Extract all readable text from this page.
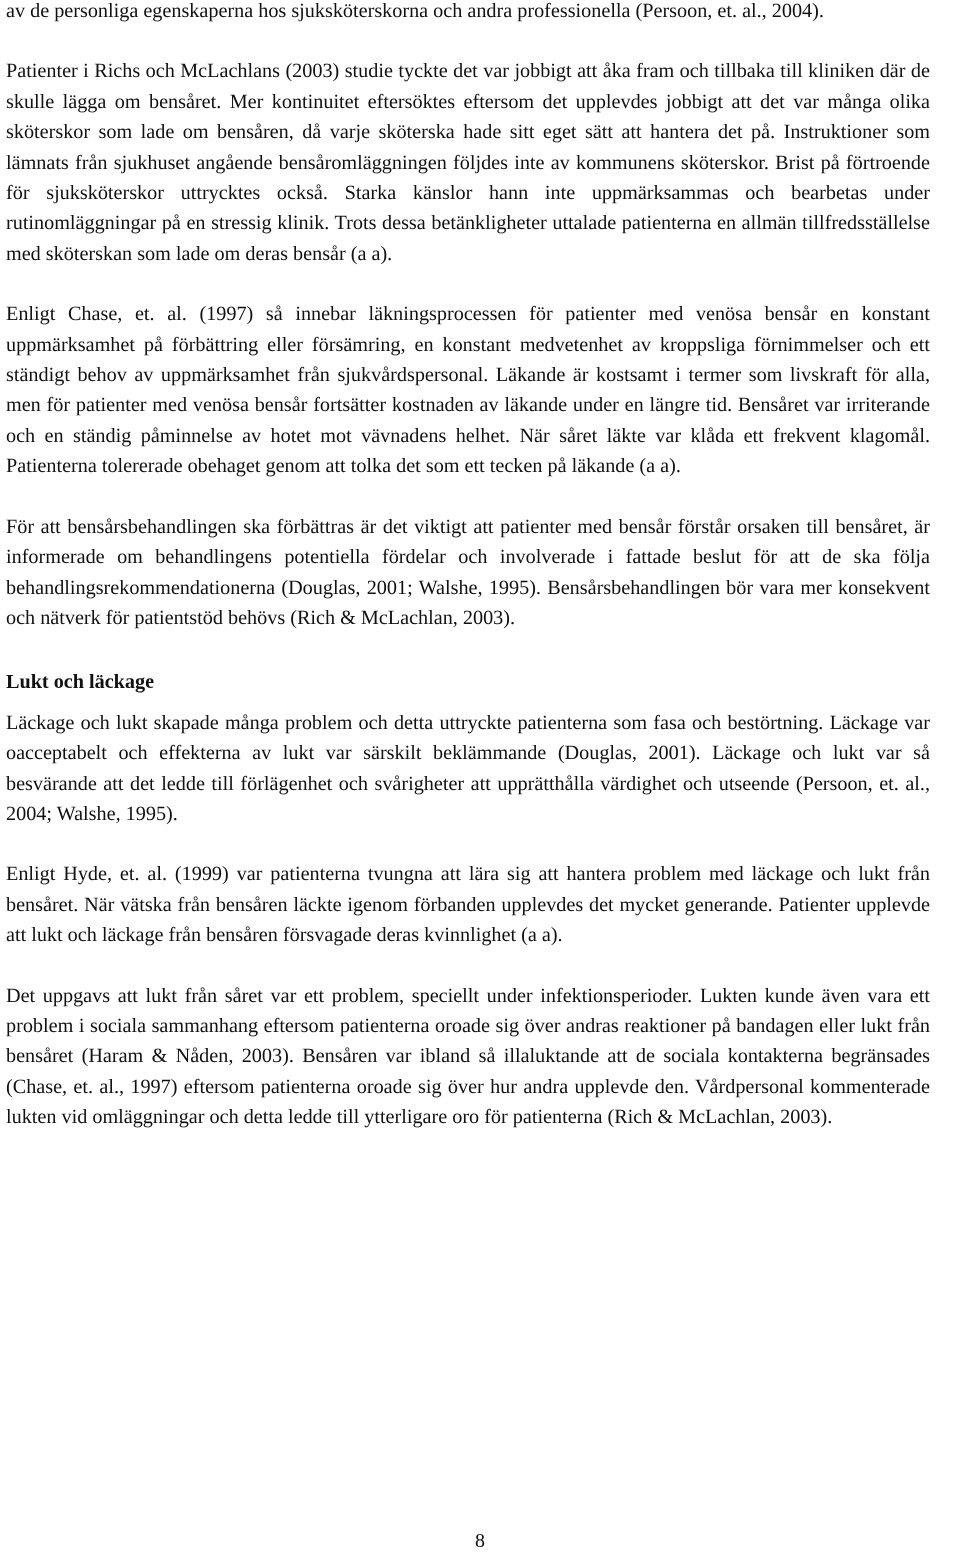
av de personliga egenskaperna hos sjuksköterskorna och andra professionella (Persoon, et. al., 2004).

Patienter i Richs och McLachlans (2003) studie tyckte det var jobbigt att åka fram och tillbaka till kliniken där de skulle lägga om bensåret. Mer kontinuitet eftersöktes eftersom det upplevdes jobbigt att det var många olika sköterskor som lade om bensåren, då varje sköterska hade sitt eget sätt att hantera det på. Instruktioner som lämnats från sjukhuset angående bensåromläggningen följdes inte av kommunens sköterskor. Brist på förtroende för sjuksköterskor uttrycktes också. Starka känslor hann inte uppmärksammas och bearbetas under rutinomläggningar på en stressig klinik. Trots dessa betänkligheter uttalade patienterna en allmän tillfredsställelse med sköterskan som lade om deras bensår (a a).

Enligt Chase, et. al. (1997) så innebar läkningsprocessen för patienter med venösa bensår en konstant uppmärksamhet på förbättring eller försämring, en konstant medvetenhet av kroppsliga förnimmelser och ett ständigt behov av uppmärksamhet från sjukvårdspersonal. Läkande är kostsamt i termer som livskraft för alla, men för patienter med venösa bensår fortsätter kostnaden av läkande under en längre tid. Bensåret var irriterande och en ständig påminnelse av hotet mot vävnadens helhet. När såret läkte var klåda ett frekvent klagomål. Patienterna tolererade obehaget genom att tolka det som ett tecken på läkande (a a).

För att bensårsbehandlingen ska förbättras är det viktigt att patienter med bensår förstår orsaken till bensåret, är informerade om behandlingens potentiella fördelar och involverade i fattade beslut för att de ska följa behandlingsrekommendationerna (Douglas, 2001; Walshe, 1995). Bensårsbehandlingen bör vara mer konsekvent och nätverk för patientstöd behövs (Rich & McLachlan, 2003).

Lukt och läckage

Läckage och lukt skapade många problem och detta uttryckte patienterna som fasa och bestörtning. Läckage var oacceptabelt och effekterna av lukt var särskilt beklämmande (Douglas, 2001). Läckage och lukt var så besvärande att det ledde till förlägenhet och svårigheter att upprätthålla värdighet och utseende (Persoon, et. al., 2004; Walshe, 1995).

Enligt Hyde, et. al. (1999) var patienterna tvungna att lära sig att hantera problem med läckage och lukt från bensåret. När vätska från bensåren läckte igenom förbanden upplevdes det mycket generande. Patienter upplevde att lukt och läckage från bensåren försvagade deras kvinnlighet (a a).

Det uppgavs att lukt från såret var ett problem, speciellt under infektionsperioder. Lukten kunde även vara ett problem i sociala sammanhang eftersom patienterna oroade sig över andras reaktioner på bandagen eller lukt från bensåret (Haram & Nåden, 2003). Bensåren var ibland så illaluktande att de sociala kontakterna begränsades (Chase, et. al., 1997) eftersom patienterna oroade sig över hur andra upplevde den. Vårdpersonal kommenterade lukten vid omläggningar och detta ledde till ytterligare oro för patienterna (Rich & McLachlan, 2003).

8
